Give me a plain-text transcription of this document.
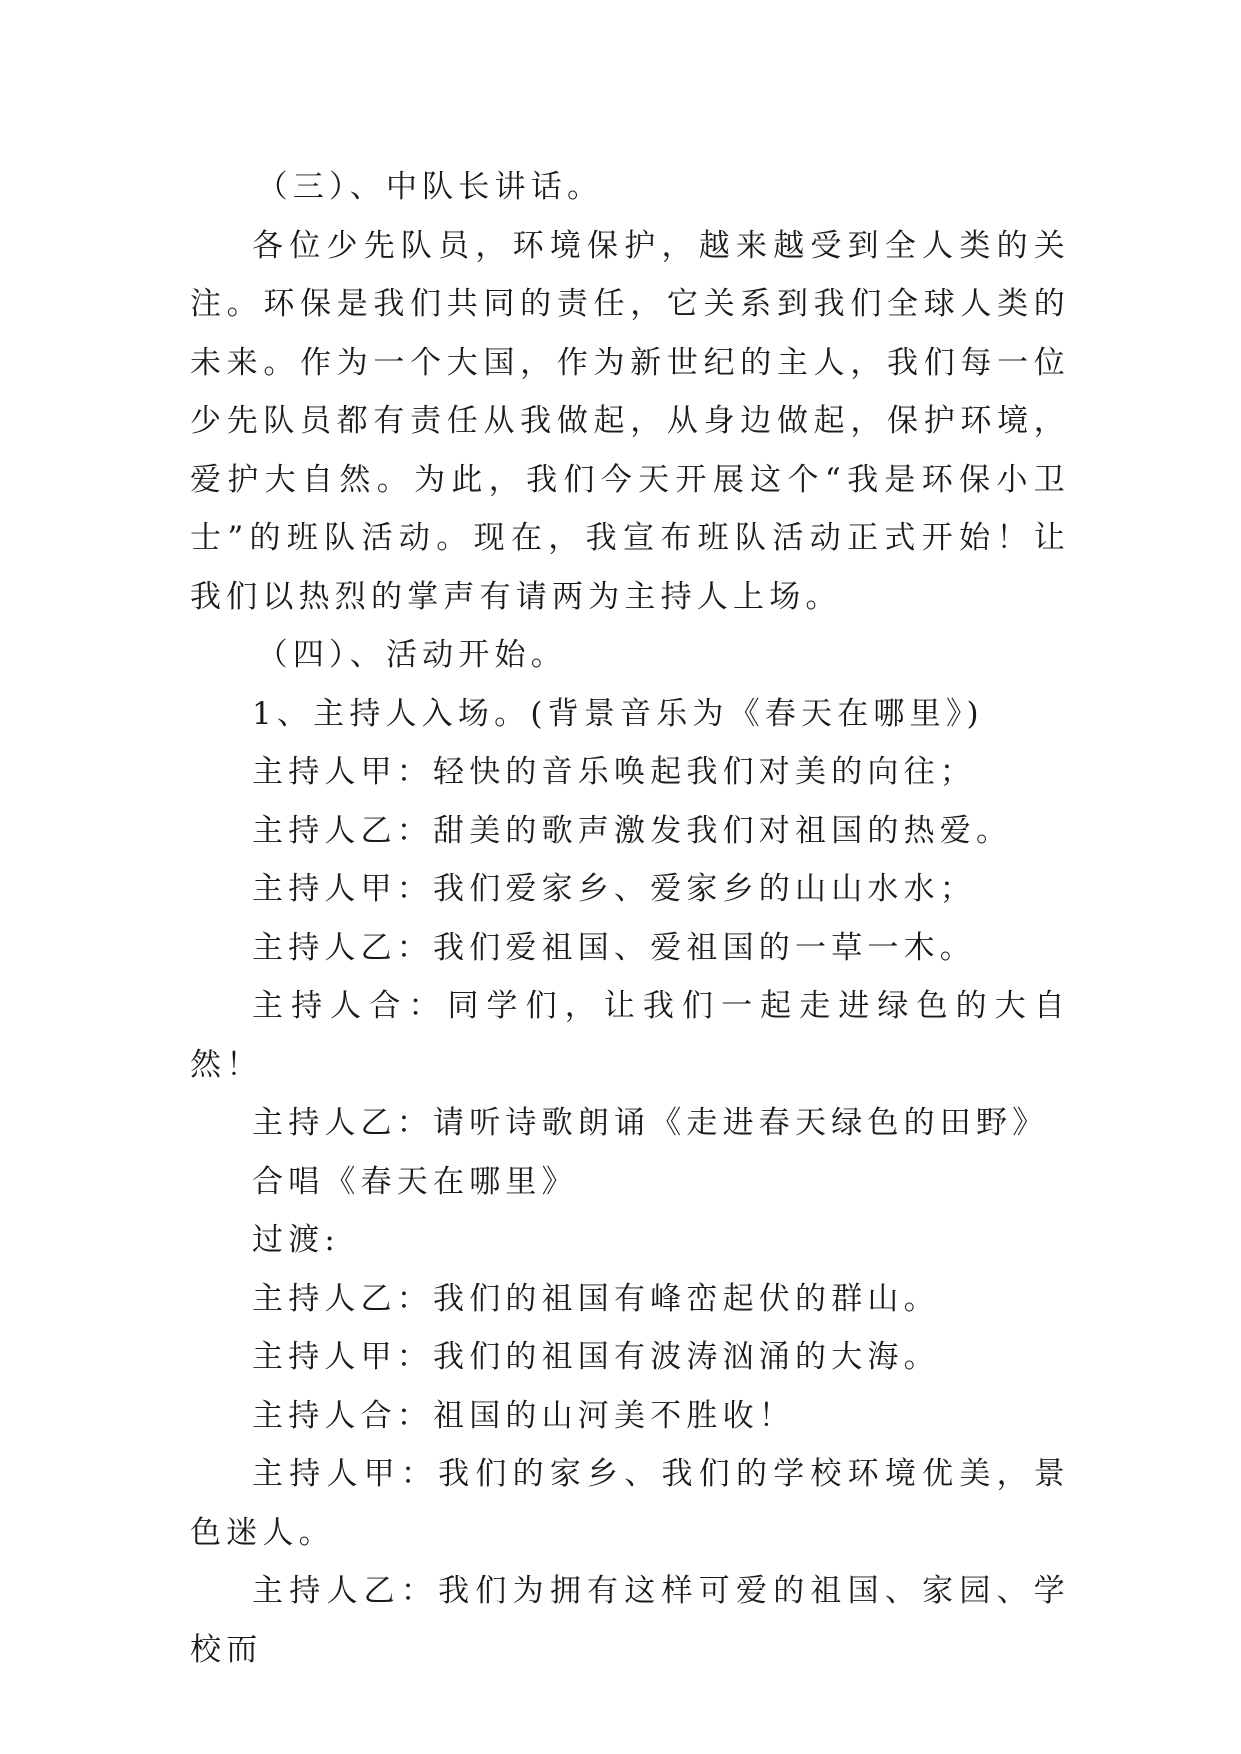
（三）、中队长讲话。

各位少先队员，环境保护，越来越受到全人类的关注。环保是我们共同的责任，它关系到我们全球人类的未来。作为一个大国，作为新世纪的主人，我们每一位少先队员都有责任从我做起，从身边做起，保护环境，爱护大自然。为此，我们今天开展这个“我是环保小卫士”的班队活动。现在，我宣布班队活动正式开始！让我们以热烈的掌声有请两为主持人上场。

（四）、活动开始。

1、主持人入场。(背景音乐为《春天在哪里》)

主持人甲：轻快的音乐唤起我们对美的向往；

主持人乙：甜美的歌声激发我们对祖国的热爱。

主持人甲：我们爱家乡、爱家乡的山山水水；

主持人乙：我们爱祖国、爱祖国的一草一木。

主持人合：同学们，让我们一起走进绿色的大自然！

主持人乙：请听诗歌朗诵《走进春天绿色的田野》

合唱《春天在哪里》

过渡:

主持人乙：我们的祖国有峰峦起伏的群山。

主持人甲：我们的祖国有波涛汹涌的大海。

主持人合：祖国的山河美不胜收！

主持人甲：我们的家乡、我们的学校环境优美，景色迷人。

主持人乙：我们为拥有这样可爱的祖国、家园、学校而
